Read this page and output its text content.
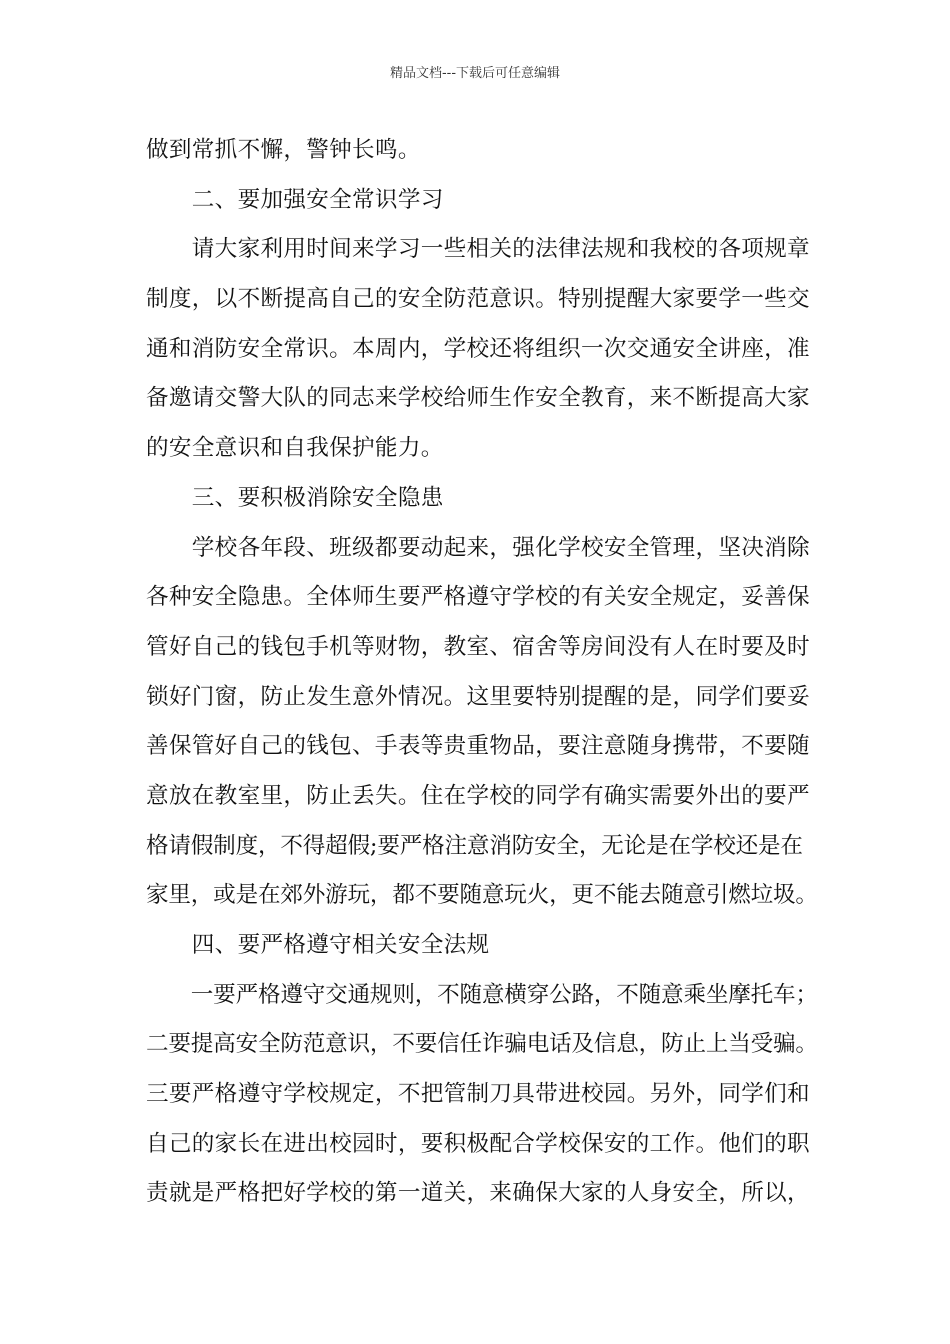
精品文档---下载后可任意编辑
做到常抓不懈，警钟长鸣。
　　二、要加强安全常识学习
　　请大家利用时间来学习一些相关的法律法规和我校的各项规章
制度，以不断提高自己的安全防范意识。特别提醒大家要学一些交
通和消防安全常识。本周内，学校还将组织一次交通安全讲座，准
备邀请交警大队的同志来学校给师生作安全教育，来不断提高大家
的安全意识和自我保护能力。
　　三、要积极消除安全隐患
　　学校各年段、班级都要动起来，强化学校安全管理，坚决消除
各种安全隐患。全体师生要严格遵守学校的有关安全规定，妥善保
管好自己的钱包手机等财物，教室、宿舍等房间没有人在时要及时
锁好门窗，防止发生意外情况。这里要特别提醒的是，同学们要妥
善保管好自己的钱包、手表等贵重物品，要注意随身携带，不要随
意放在教室里，防止丢失。住在学校的同学有确实需要外出的要严
格请假制度，不得超假;要严格注意消防安全，无论是在学校还是在
家里，或是在郊外游玩，都不要随意玩火，更不能去随意引燃垃圾。
　　四、要严格遵守相关安全法规
　　一要严格遵守交通规则，不随意横穿公路，不随意乘坐摩托车；
二要提高安全防范意识，不要信任诈骗电话及信息，防止上当受骗。
三要严格遵守学校规定，不把管制刀具带进校园。另外，同学们和
自己的家长在进出校园时，要积极配合学校保安的工作。他们的职
责就是严格把好学校的第一道关，来确保大家的人身安全，所以，
